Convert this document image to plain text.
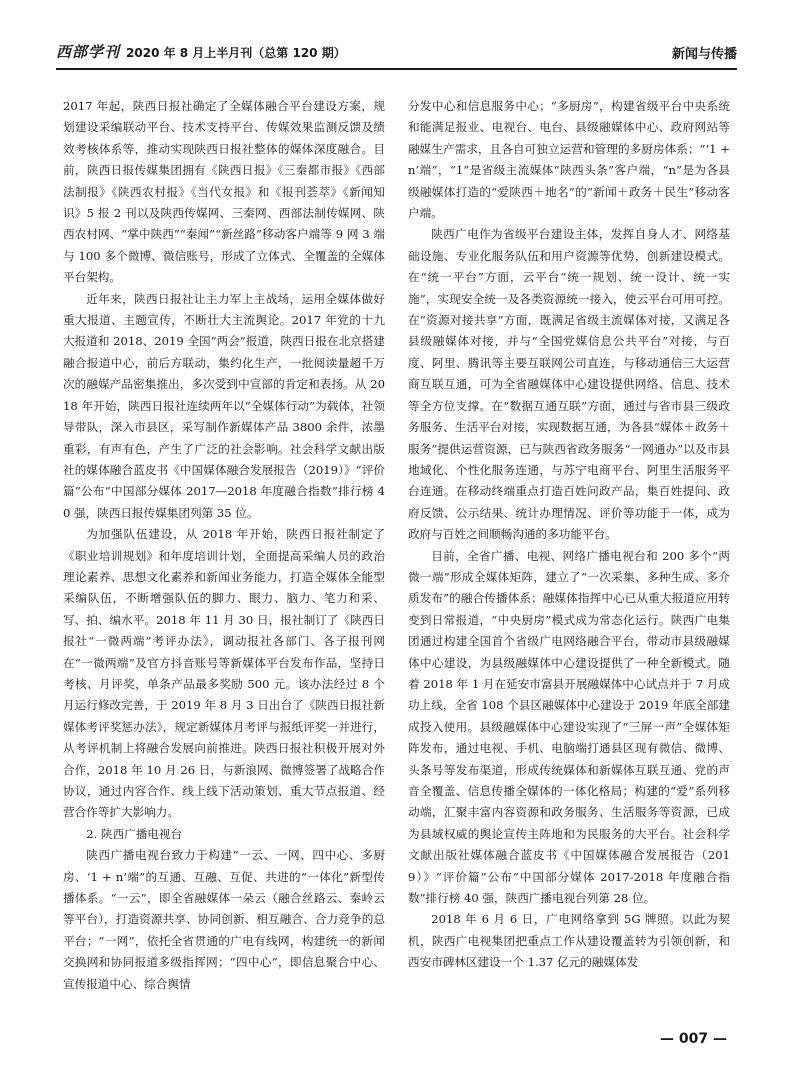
西部学刊 2020 年 8 月上半月刊（总第 120 期）	新闻与传播

2017 年起，陕西日报社确定了全媒体融合平台建设方案，规划建设采编联动平台、技术支持平台、传媒效果监测反馈及绩效考核体系等，推动实现陕西日报社整体的媒体深度融合。目前，陕西日报传媒集团拥有《陕西日报》《三秦都市报》《西部法制报》《陕西农村报》《当代女报》和《报刊荟萃》《新闻知识》5 报 2 刊以及陕西传媒网、三秦网、西部法制传媒网、陕西农村网、“掌中陕西”“秦闻”“新丝路”移动客户端等 9 网 3 端与 100 多个微博、微信账号，形成了立体式、全覆盖的全媒体平台架构。

近年来，陕西日报社让主力军上主战场，运用全媒体做好重大报道、主题宣传，不断壮大主流舆论。2017 年党的十九大报道和 2018、2019 全国“两会”报道，陕西日报在北京搭建融合报道中心，前后方联动，集约化生产，一批阅读量超千万次的融媒产品密集推出，多次受到中宣部的肯定和表扬。从 2018 年开始，陕西日报社连续两年以“全媒体行动”为载体，社领导带队，深入市县区，采写制作新媒体产品 3800 余件，浓墨重彩，有声有色，产生了广泛的社会影响。社会科学文献出版社的媒体融合蓝皮书《中国媒体融合发展报告（2019）》“评价篇”公布“中国部分媒体 2017—2018 年度融合指数”排行榜 40 强，陕西日报传媒集团列第 35 位。

为加强队伍建设，从 2018 年开始，陕西日报社制定了《职业培训规划》和年度培训计划，全面提高采编人员的政治理论素养、思想文化素养和新闻业务能力，打造全媒体全能型采编队伍，不断增强队伍的脚力、眼力、脑力、笔力和采、写、拍、编水平。2018 年 11 月 30 日，报社制订了《陕西日报社“一微两端”考评办法》，调动报社各部门、各子报刊网在“一微两端”及官方抖音账号等新媒体平台发布作品，坚持日考核、月评奖，单条产品最多奖励 500 元。该办法经过 8 个月运行修改完善，于 2019 年 8 月 3 日出台了《陕西日报社新媒体考评奖惩办法》，规定新媒体月考评与报纸评奖一并进行，从考评机制上将融合发展向前推进。陕西日报社积极开展对外合作，2018 年 10 月 26 日，与新浪网、微博签署了战略合作协议，通过内容合作、线上线下活动策划、重大节点报道、经营合作等扩大影响力。

2. 陕西广播电视台

陕西广播电视台致力于构建“一云、一网、四中心、多厨房、‘1 + n’端”的互通、互融、互促、共进的“一体化”新型传播体系。“一云”，即全省融媒体一朵云（融合丝路云、秦岭云等平台），打造资源共享、协同创新、相互融合、合力竞争的总平台；“一网”，依托全省贯通的广电有线网，构建统一的新闻交换网和协同报道多级指挥网；“四中心”，即信息聚合中心、宣传报道中心、综合舆情

分发中心和信息服务中心；“多厨房”，构建省级平台中央系统和能满足报业、电视台、电台、县级融媒体中心、政府网站等融媒生产需求，且各自可独立运营和管理的多厨房体系；“‘1 + n’端”，“1”是省级主流媒体“陕西头条”客户端，“n”是为各县级融媒体打造的“爱陕西＋地名”的“新闻＋政务＋民生”移动客户端。

陕西广电作为省级平台建设主体，发挥自身人才、网络基础设施、专业化服务队伍和用户资源等优势，创新建设模式。在“统一平台”方面，云平台“统一规划、统一设计、统一实施”，实现安全统一及各类资源统一接入，使云平台可用可控。在“资源对接共享”方面，既满足省级主流媒体对接，又满足各县级融媒体对接，并与“全国党媒信息公共平台”对接，与百度、阿里、腾讯等主要互联网公司直连，与移动通信三大运营商互联互通，可为全省融媒体中心建设提供网络、信息、技术等全方位支撑。在“数据互通互联”方面，通过与省市县三级政务服务、生活平台对接，实现数据互通，为各县“媒体＋政务＋服务”提供运营资源，已与陕西省政务服务“一网通办”以及市县地域化、个性化服务连通，与苏宁电商平台、阿里生活服务平台连通。在移动终端重点打造百姓问政产品，集百姓提问、政府反馈、公示结果、统计办理情况、评价等功能于一体，成为政府与百姓之间顺畅沟通的多功能平台。

目前，全省广播、电视、网络广播电视台和 200 多个“两微一端”形成全媒体矩阵，建立了“一次采集、多种生成、多介质发布”的融合传播体系；融媒体指挥中心已从重大报道应用转变到日常报道，“中央厨房”模式成为常态化运行。陕西广电集团通过构建全国首个省级广电网络融合平台，带动市县级融媒体中心建设，为县级融媒体中心建设提供了一种全新模式。随着 2018 年 1 月在延安市富县开展融媒体中心试点并于 7 月成功上线，全省 108 个县区融媒体中心建设于 2019 年底全部建成投入使用。县级融媒体中心建设实现了“三屏一声”全媒体矩阵发布，通过电视、手机、电脑端打通县区现有微信、微博、头条号等发布渠道，形成传统媒体和新媒体互联互通、党的声音全覆盖、信息传播全媒体的一体化格局；构建的“爱”系列移动端，汇聚丰富内容资源和政务服务、生活服务等资源，已成为县域权威的舆论宣传主阵地和为民服务的大平台。社会科学文献出版社媒体融合蓝皮书《中国媒体融合发展报告（2019）》“评价篇”公布“中国部分媒体 2017-2018 年度融合指数”排行榜 40 强，陕西广播电视台列第 28 位。

2018 年 6 月 6 日，广电网络拿到 5G 牌照。以此为契机，陕西广电视集团把重点工作从建设覆盖转为引领创新，和西安市碑林区建设一个 1.37 亿元的融媒体发

— 007 —
